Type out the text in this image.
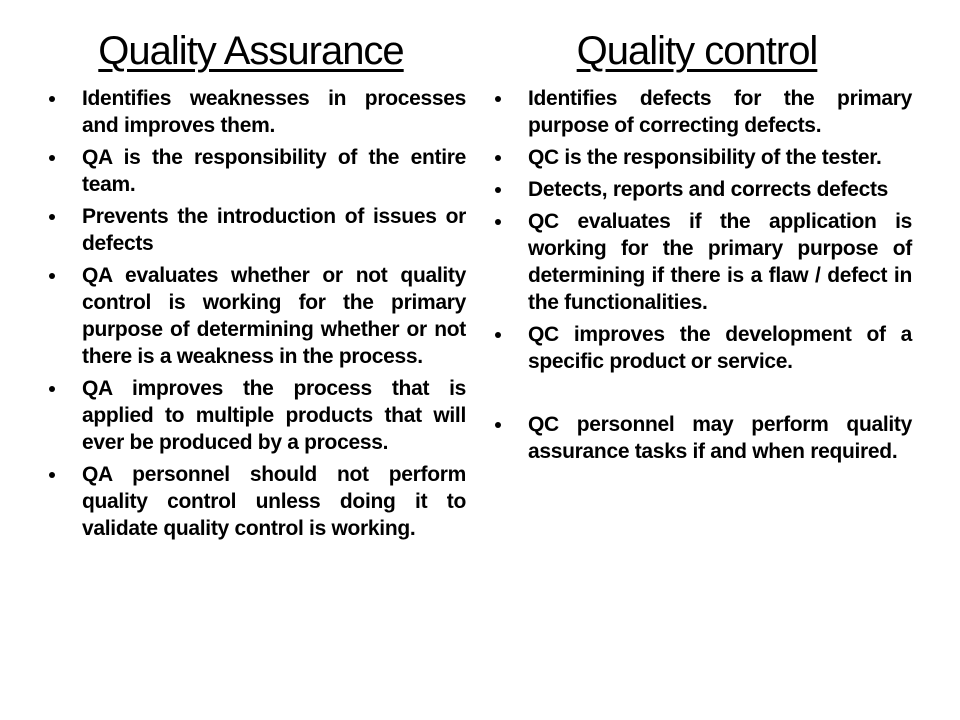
Quality Assurance
Identifies weaknesses in processes and improves them.
QA is the responsibility of the entire team.
Prevents the introduction of issues or defects
QA evaluates whether or not quality control is working for the primary purpose of determining whether or not there is a weakness in the process.
QA improves the process that is applied to multiple products that will ever be produced by a process.
QA personnel should not perform quality control unless doing it to validate quality control is working.
Quality control
Identifies defects for the primary purpose of correcting defects.
QC is the responsibility of the tester.
Detects, reports and corrects defects
QC evaluates if the application is working for the primary purpose of determining if there is a flaw / defect in the functionalities.
QC improves the development of a specific product or service.
QC personnel may perform quality assurance tasks if and when required.
